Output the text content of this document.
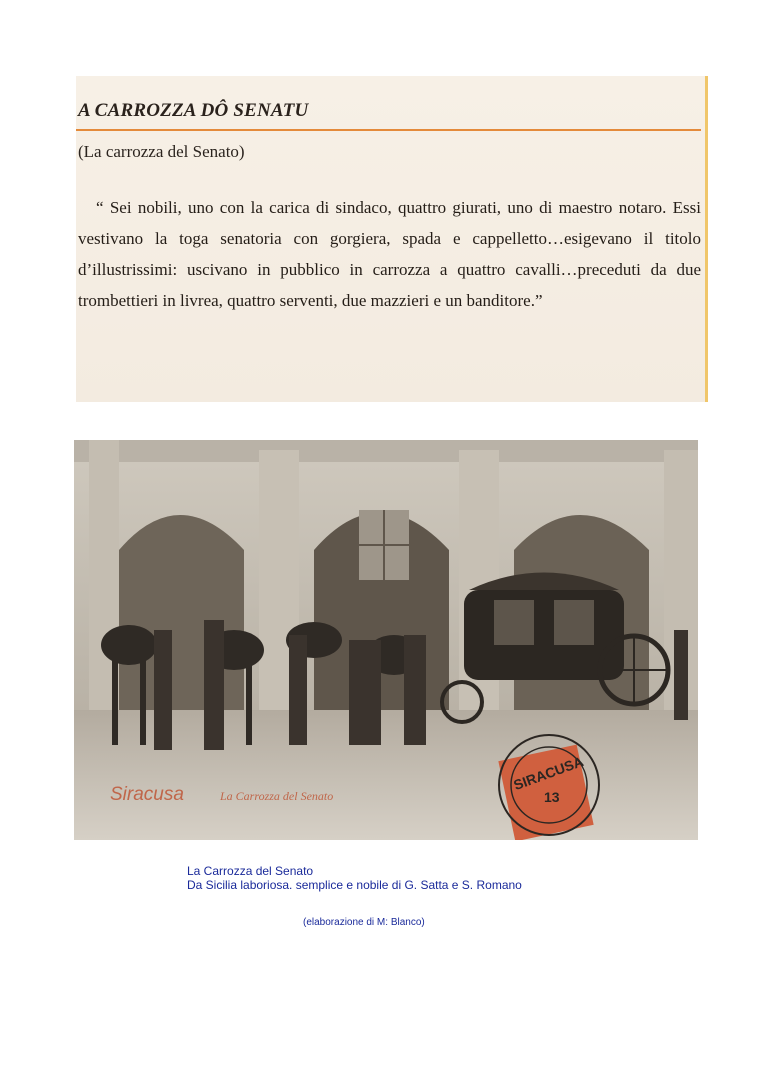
A CARROZZA DÔ SENATU
(La carrozza del Senato)
“ Sei nobili, uno con la carica di sindaco, quattro giurati, uno di maestro notaro. Essi vestivano la toga senatoria con gorgiera, spada e cappelletto…esigevano il titolo d’illustrissimi: uscivano in pubblico in carrozza a quattro cavalli…preceduti da due trombettieri in livrea, quattro serventi, due mazzieri e un banditore.”
Siracusa	La Carrozza del Senato
SIRACUSA
13
La Carrozza del Senato
Da Sicilia laboriosa. semplice e nobile di G. Satta e S. Romano
(elaborazione di M: Blanco)
